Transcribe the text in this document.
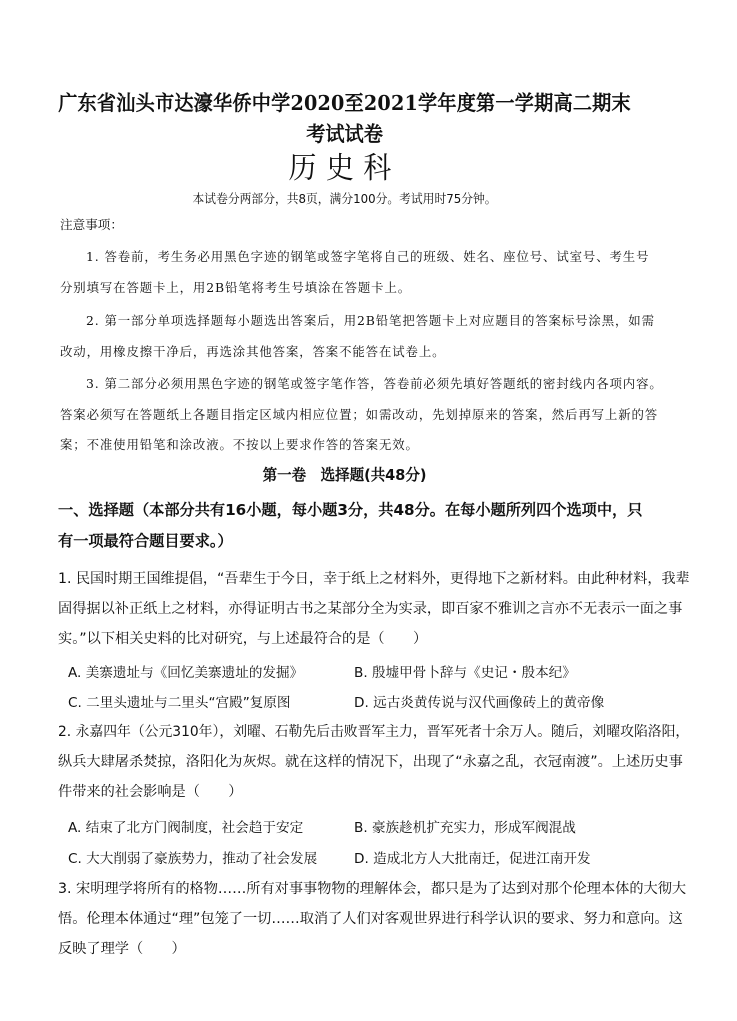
广东省汕头市达濠华侨中学2020至2021学年度第一学期高二期末
考试试卷
历史科
本试卷分两部分，共8页，满分100分。考试用时75分钟。
注意事项：
1. 答卷前，考生务必用黑色字迹的钢笔或签字笔将自己的班级、姓名、座位号、试室号、考生号
分别填写在答题卡上，用2B铅笔将考生号填涂在答题卡上。
2. 第一部分单项选择题每小题选出答案后，用2B铅笔把答题卡上对应题目的答案标号涂黑，如需
改动，用橡皮擦干净后，再选涂其他答案，答案不能答在试卷上。
3. 第二部分必须用黑色字迹的钢笔或签字笔作答，答卷前必须先填好答题纸的密封线内各项内容。
答案必须写在答题纸上各题目指定区域内相应位置；如需改动，先划掉原来的答案，然后再写上新的答
案；不准使用铅笔和涂改液。不按以上要求作答的答案无效。
第一卷　选择题(共48分)
一、选择题（本部分共有16小题，每小题3分，共48分。在每小题所列四个选项中，只
有一项最符合题目要求。）
1. 民国时期王国维提倡，“吾辈生于今日，幸于纸上之材料外，更得地下之新材料。由此种材料，我辈
固得据以补正纸上之材料，亦得证明古书之某部分全为实录，即百家不雅训之言亦不无表示一面之事
实。”以下相关史料的比对研究，与上述最符合的是（　　）
A. 美寨遗址与《回忆美寨遗址的发掘》	B. 殷墟甲骨卜辞与《史记・殷本纪》
C. 二里头遗址与二里头“宫殿”复原图	D. 远古炎黄传说与汉代画像砖上的黄帝像
2. 永嘉四年（公元310年），刘曜、石勒先后击败晋军主力，晋军死者十余万人。随后，刘曜攻陷洛阳，
纵兵大肆屠杀焚掠，洛阳化为灰烬。就在这样的情况下，出现了“永嘉之乱，衣冠南渡”。上述历史事
件带来的社会影响是（　　）
A. 结束了北方门阀制度，社会趋于安定	B. 豪族趁机扩充实力，形成军阀混战
C. 大大削弱了豪族势力，推动了社会发展	D. 造成北方人大批南迁，促进江南开发
3. 宋明理学将所有的格物……所有对事事物物的理解体会，都只是为了达到对那个伦理本体的大彻大
悟。伦理本体通过“理”包笼了一切……取消了人们对客观世界进行科学认识的要求、努力和意向。这
反映了理学（　　）
